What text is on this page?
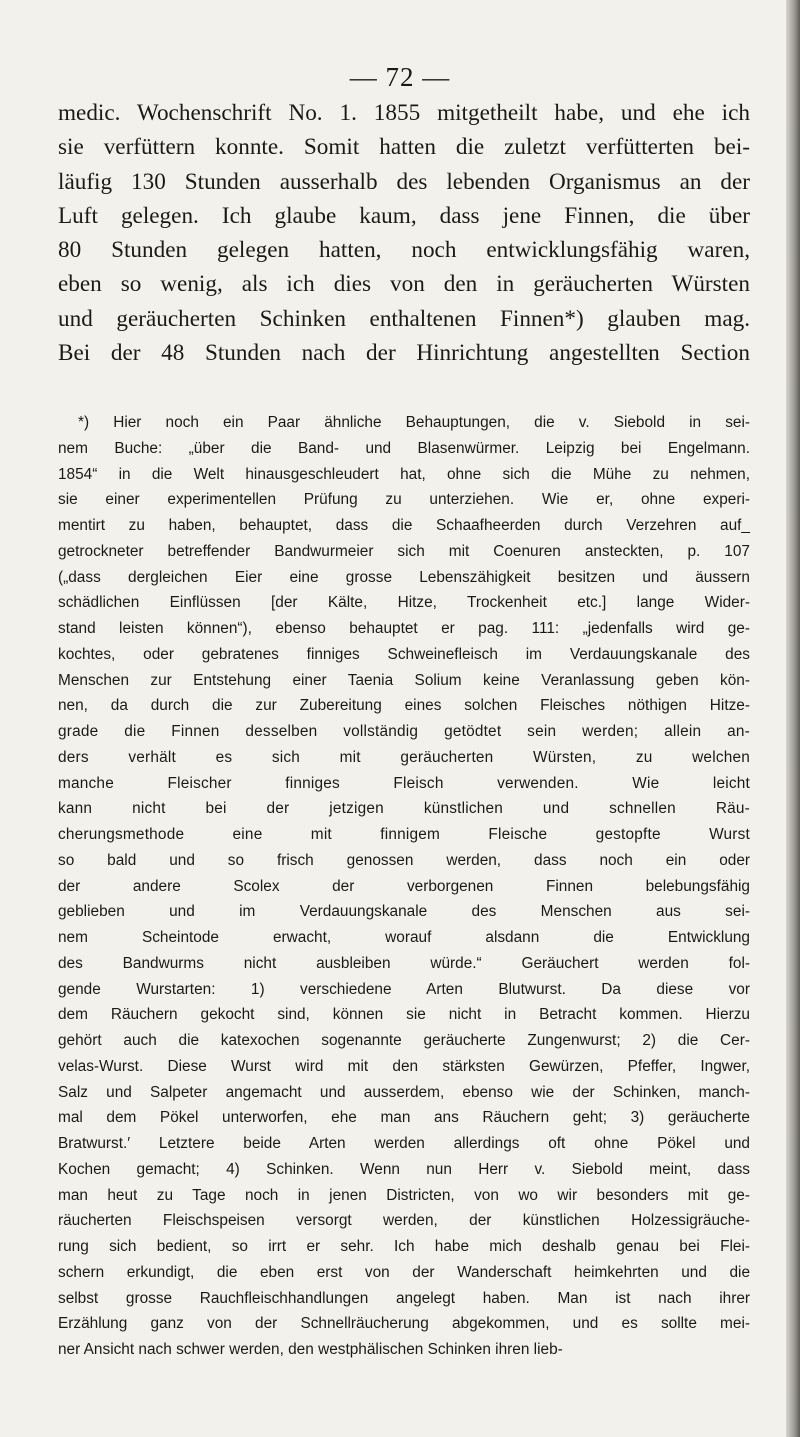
— 72 —
medic. Wochenschrift No. 1. 1855 mitgetheilt habe, und ehe ich
sie verfüttern konnte. Somit hatten die zuletzt verfütterten bei-
läufig 130 Stunden ausserhalb des lebenden Organismus an der
Luft gelegen. Ich glaube kaum, dass jene Finnen, die über
80 Stunden gelegen hatten, noch entwicklungsfähig waren,
eben so wenig, als ich dies von den in geräucherten Würsten
und geräucherten Schinken enthaltenen Finnen*) glauben mag.
Bei der 48 Stunden nach der Hinrichtung angestellten Section
*) Hier noch ein Paar ähnliche Behauptungen, die v. Siebold in sei-
nem Buche: „über die Band- und Blasenwürmer. Leipzig bei Engelmann.
1854“ in die Welt hinausgeschleudert hat, ohne sich die Mühe zu nehmen,
sie einer experimentellen Prüfung zu unterziehen. Wie er, ohne experi-
mentirt zu haben, behauptet, dass die Schaafheerden durch Verzehren auf_
getrockneter betreffender Bandwurmeier sich mit Coenuren ansteckten, p. 107
(„dass dergleichen Eier eine grosse Lebenszähigkeit besitzen und äussern
schädlichen Einflüssen [der Kälte, Hitze, Trockenheit etc.] lange Wider-
stand leisten können“), ebenso behauptet er pag. 111: „jedenfalls wird ge-
kochtes, oder gebratenes finniges Schweinefleisch im Verdauungskanale des
Menschen zur Entstehung einer Taenia Solium keine Veranlassung geben kön-
nen, da durch die zur Zubereitung eines solchen Fleisches nöthigen Hitze-
grade die Finnen desselben vollständig getödtet sein werden; allein an-
ders verhält es sich mit geräucherten Würsten, zu welchen
manche Fleischer finniges Fleisch verwenden. Wie leicht
kann nicht bei der jetzigen künstlichen und schnellen Räu-
cherungsmethode eine mit finnigem Fleische gestopfte Wurst
so bald und so frisch genossen werden, dass noch ein oder
der andere Scolex der verborgenen Finnen belebungsfähig
geblieben und im Verdauungskanale des Menschen aus sei-
nem Scheintode erwacht, worauf alsdann die Entwicklung
des Bandwurms nicht ausbleiben würde.“ Geräuchert werden fol-
gende Wurstarten: 1) verschiedene Arten Blutwurst. Da diese vor
dem Räuchern gekocht sind, können sie nicht in Betracht kommen. Hierzu
gehört auch die katexochen sogenannte geräucherte Zungenwurst; 2) die Cer-
velas-Wurst. Diese Wurst wird mit den stärksten Gewürzen, Pfeffer, Ingwer,
Salz und Salpeter angemacht und ausserdem, ebenso wie der Schinken, manch-
mal dem Pökel unterworfen, ehe man ans Räuchern geht; 3) geräucherte
Bratwurst.′ Letztere beide Arten werden allerdings oft ohne Pökel und
Kochen gemacht; 4) Schinken. Wenn nun Herr v. Siebold meint, dass
man heut zu Tage noch in jenen Districten, von wo wir besonders mit ge-
räucherten Fleischspeisen versorgt werden, der künstlichen Holzessigräuche-
rung sich bedient, so irrt er sehr. Ich habe mich deshalb genau bei Flei-
schern erkundigt, die eben erst von der Wanderschaft heimkehrten und die
selbst grosse Rauchfleischhandlungen angelegt haben. Man ist nach ihrer
Erzählung ganz von der Schnellräucherung abgekommen, und es sollte mei-
ner Ansicht nach schwer werden, den westphälischen Schinken ihren lieb-
